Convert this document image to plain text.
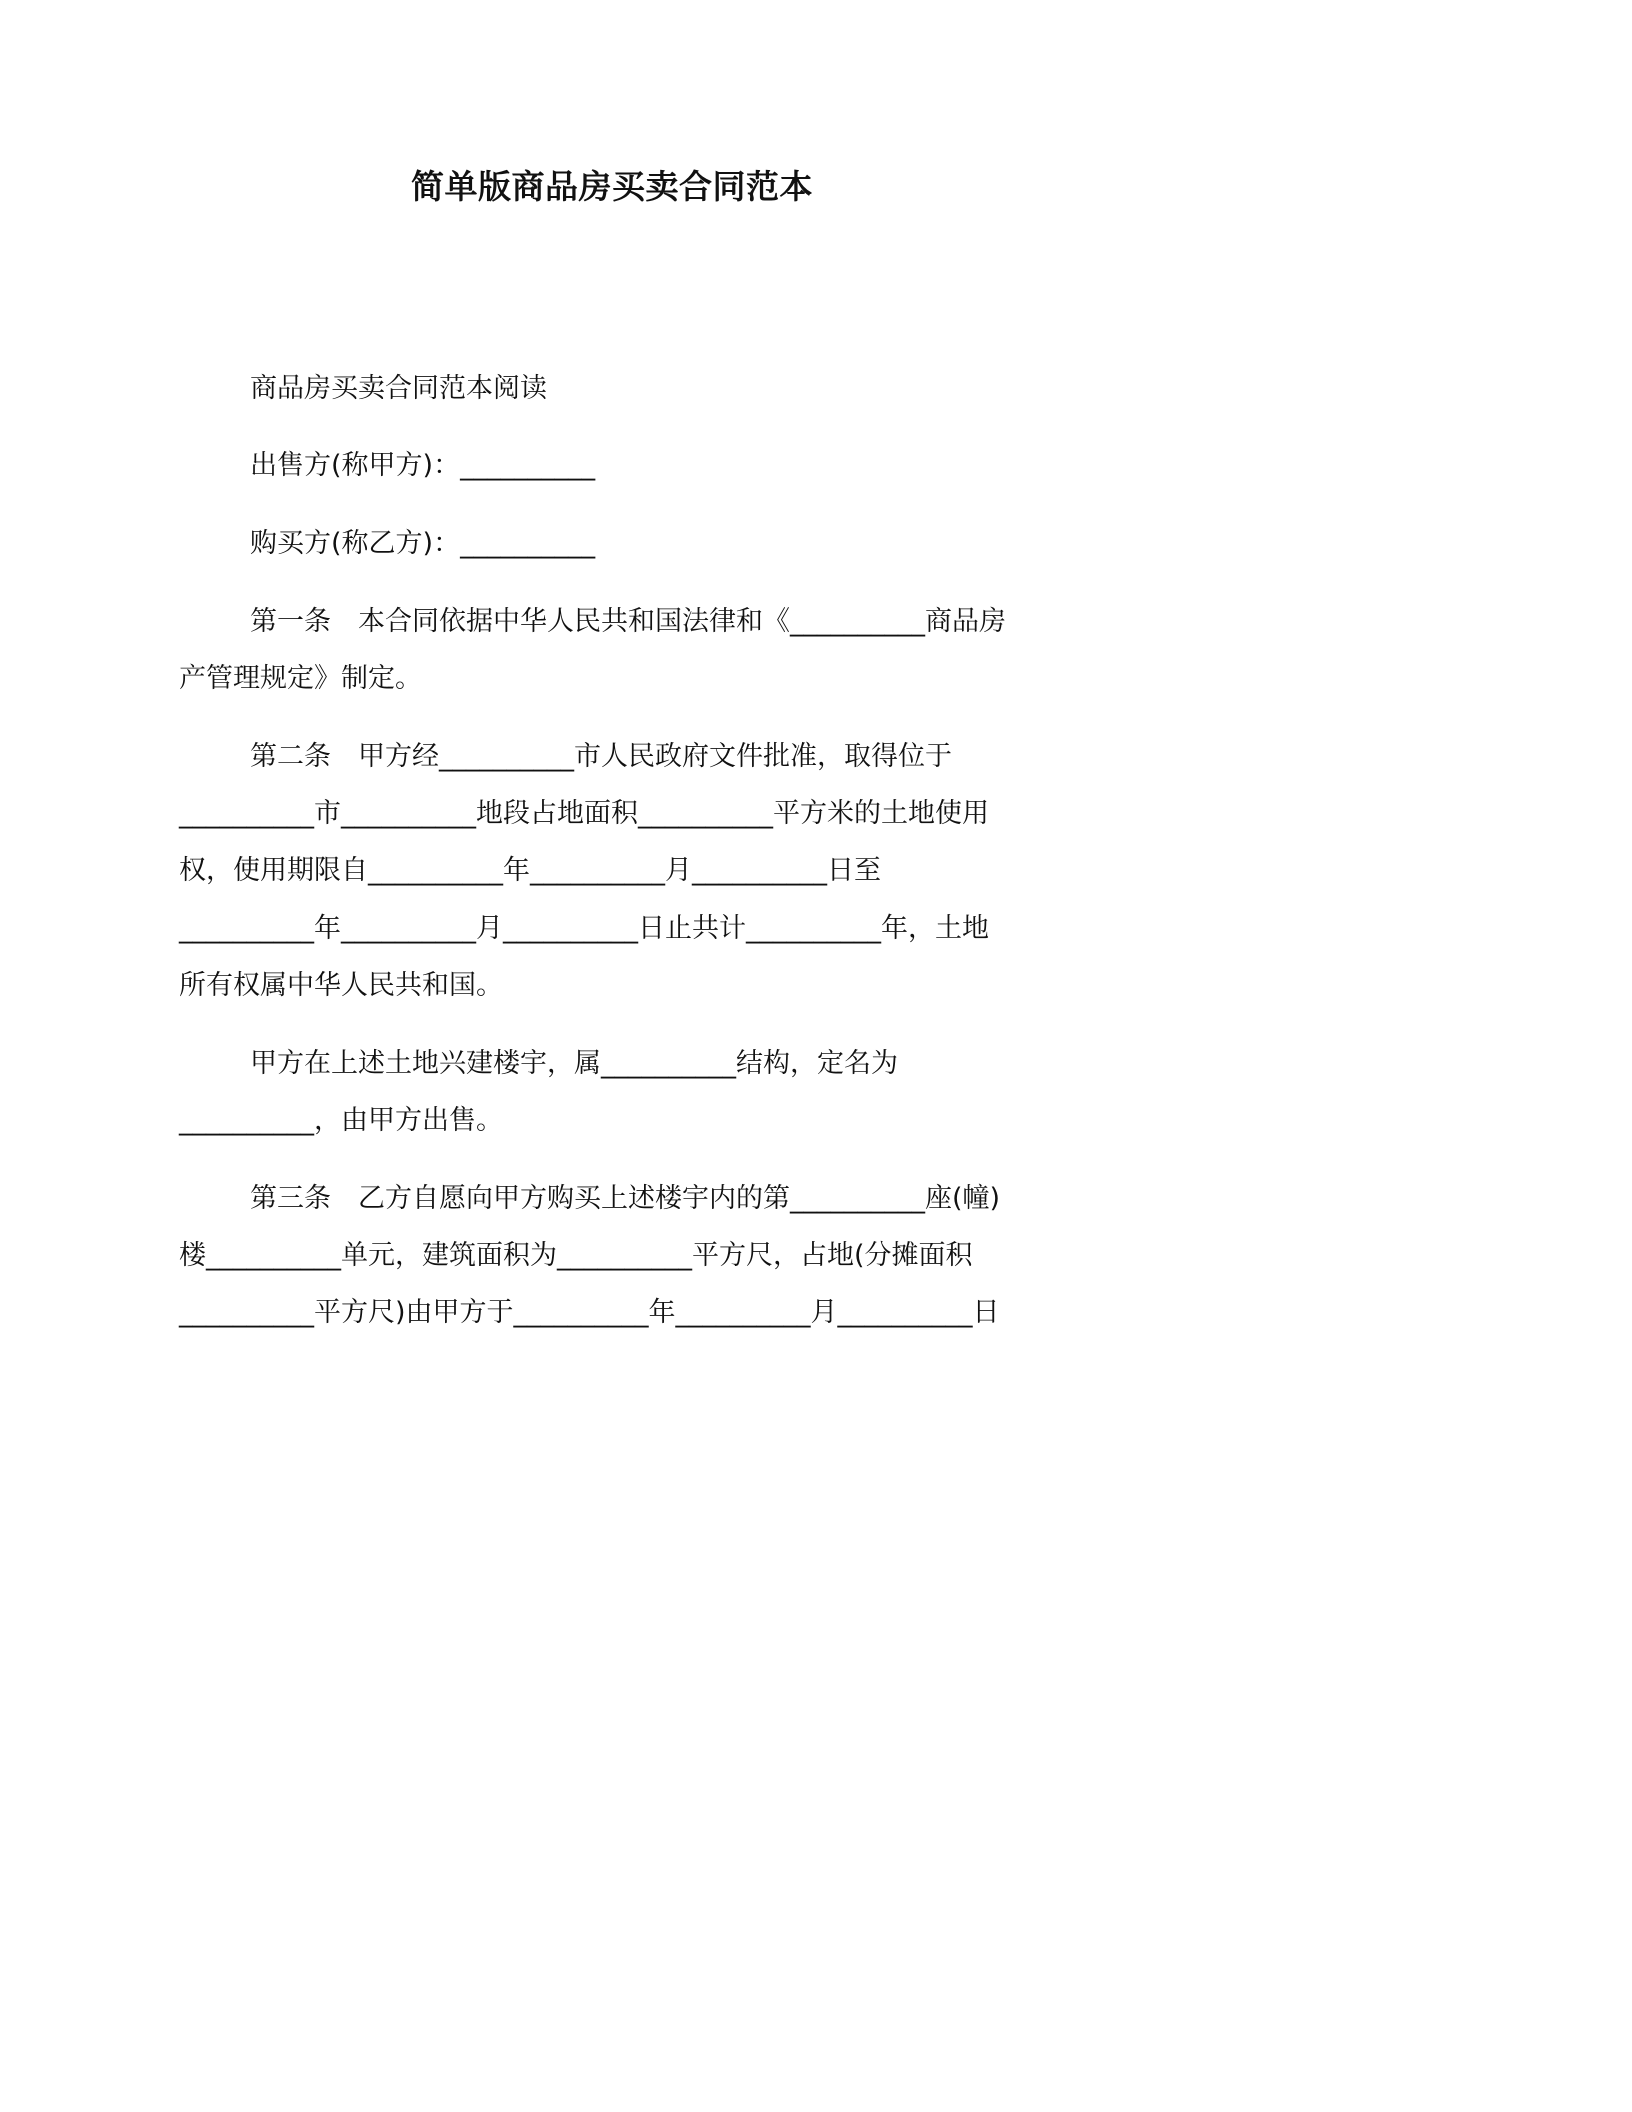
简单版商品房买卖合同范本
商品房买卖合同范本阅读
出售方(称甲方)：__________
购买方(称乙方)：__________
第一条　本合同依据中华人民共和国法律和《__________商品房
产管理规定》制定。
第二条　甲方经__________市人民政府文件批准，取得位于
__________市__________地段占地面积__________平方米的土地使用
权，使用期限自__________年__________月__________日至
__________年__________月__________日止共计__________年，土地
所有权属中华人民共和国。
甲方在上述土地兴建楼宇，属__________结构，定名为
__________，由甲方出售。
第三条　乙方自愿向甲方购买上述楼宇内的第__________座(幢)
楼__________单元，建筑面积为__________平方尺，占地(分摊面积
__________平方尺)由甲方于__________年__________月__________日
